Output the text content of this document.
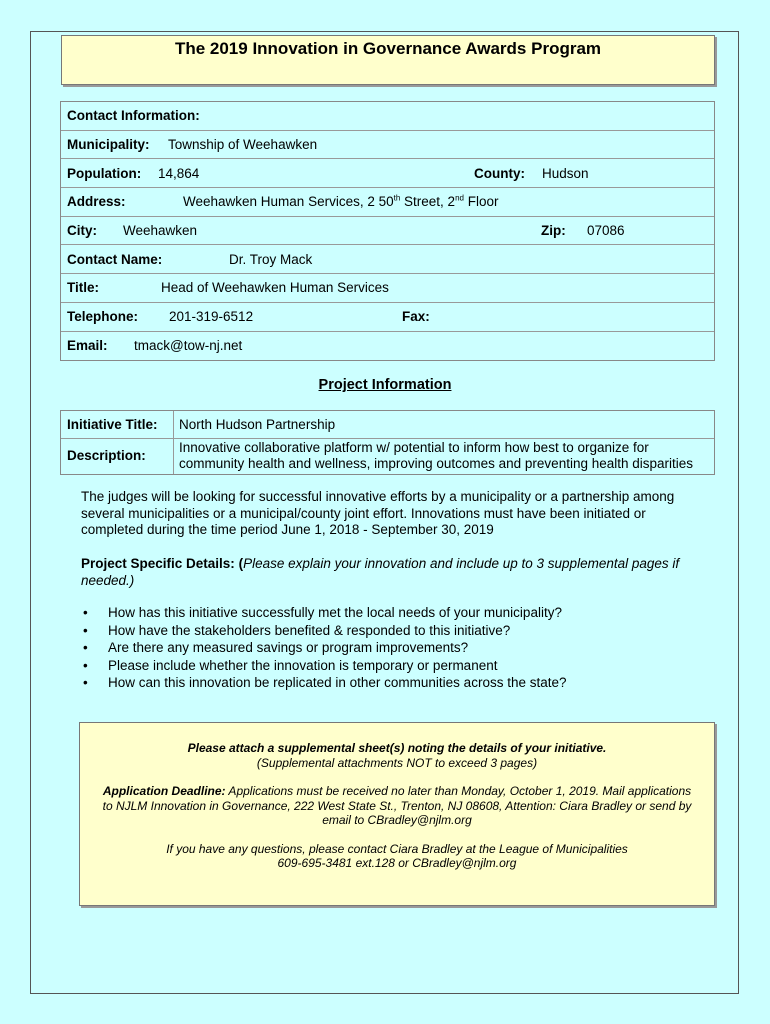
The 2019 Innovation in Governance Awards Program
Contact Information:
Municipality: Township of Weehawken
Population: 14,864	County: Hudson
Address:	Weehawken Human Services, 2 50th Street, 2nd Floor
City: Weehawken	Zip: 07086
Contact Name:	Dr. Troy Mack
Title:	Head of Weehawken Human Services
Telephone: 201-319-6512	Fax:
Email: tmack@tow-nj.net
Project Information
Initiative Title: North Hudson Partnership
Description:
Innovative collaborative platform w/ potential to inform how best to organize for
community health and wellness, improving outcomes and preventing health disparities
The judges will be looking for successful innovative efforts by a municipality or a partnership among several municipalities or a municipal/county joint effort. Innovations must have been initiated or completed during the time period June 1, 2018 - September 30, 2019
Project Specific Details: (Please explain your innovation and include up to 3 supplemental pages if needed.)
• How has this initiative successfully met the local needs of your municipality?
• How have the stakeholders benefited & responded to this initiative?
• Are there any measured savings or program improvements?
• Please include whether the innovation is temporary or permanent
• How can this innovation be replicated in other communities across the state?

Please attach a supplemental sheet(s) noting the details of your initiative.
(Supplemental attachments NOT to exceed 3 pages)

Application Deadline: Applications must be received no later than Monday, October 1, 2019. Mail applications to NJLM Innovation in Governance, 222 West State St., Trenton, NJ 08608, Attention: Ciara Bradley or send by email to CBradley@njlm.org

If you have any questions, please contact Ciara Bradley at the League of Municipalities
609-695-3481 ext.128 or CBradley@njlm.org
